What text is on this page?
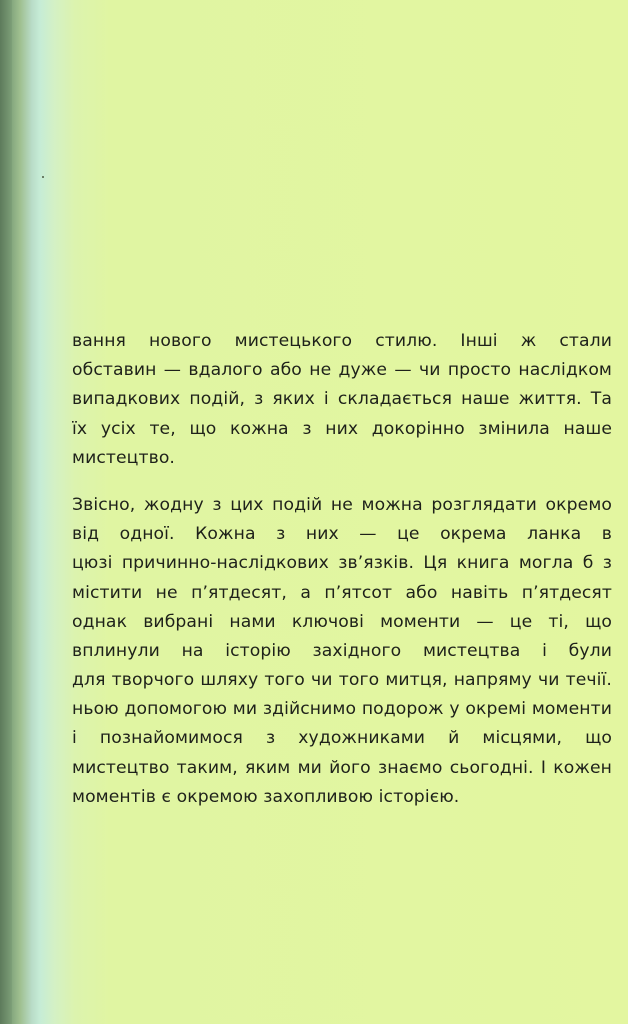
вання нового мистецького стилю. Інші ж стали
обставин — вдалого або не дуже — чи просто наслідком
випадкових подій, з яких і складається наше життя. Та
їх усіх те, що кожна з них докорінно змінила наше
мистецтво.
Звісно, жодну з цих подій не можна розглядати окремо
від одної. Кожна з них — це окрема ланка в
цюзі причинно-наслідкових зв’язків. Ця книга могла б з
містити не п’ятдесят, а п’ятсот або навіть п’ятдесят
однак вибрані нами ключові моменти — це ті, що
вплинули на історію західного мистецтва і були
для творчого шляху того чи того митця, напряму чи течії.
ньою допомогою ми здійснимо подорож у окремі моменти
і познайомимося з художниками й місцями, що
мистецтво таким, яким ми його знаємо сьогодні. І кожен
моментів є окремою захопливою історією.
